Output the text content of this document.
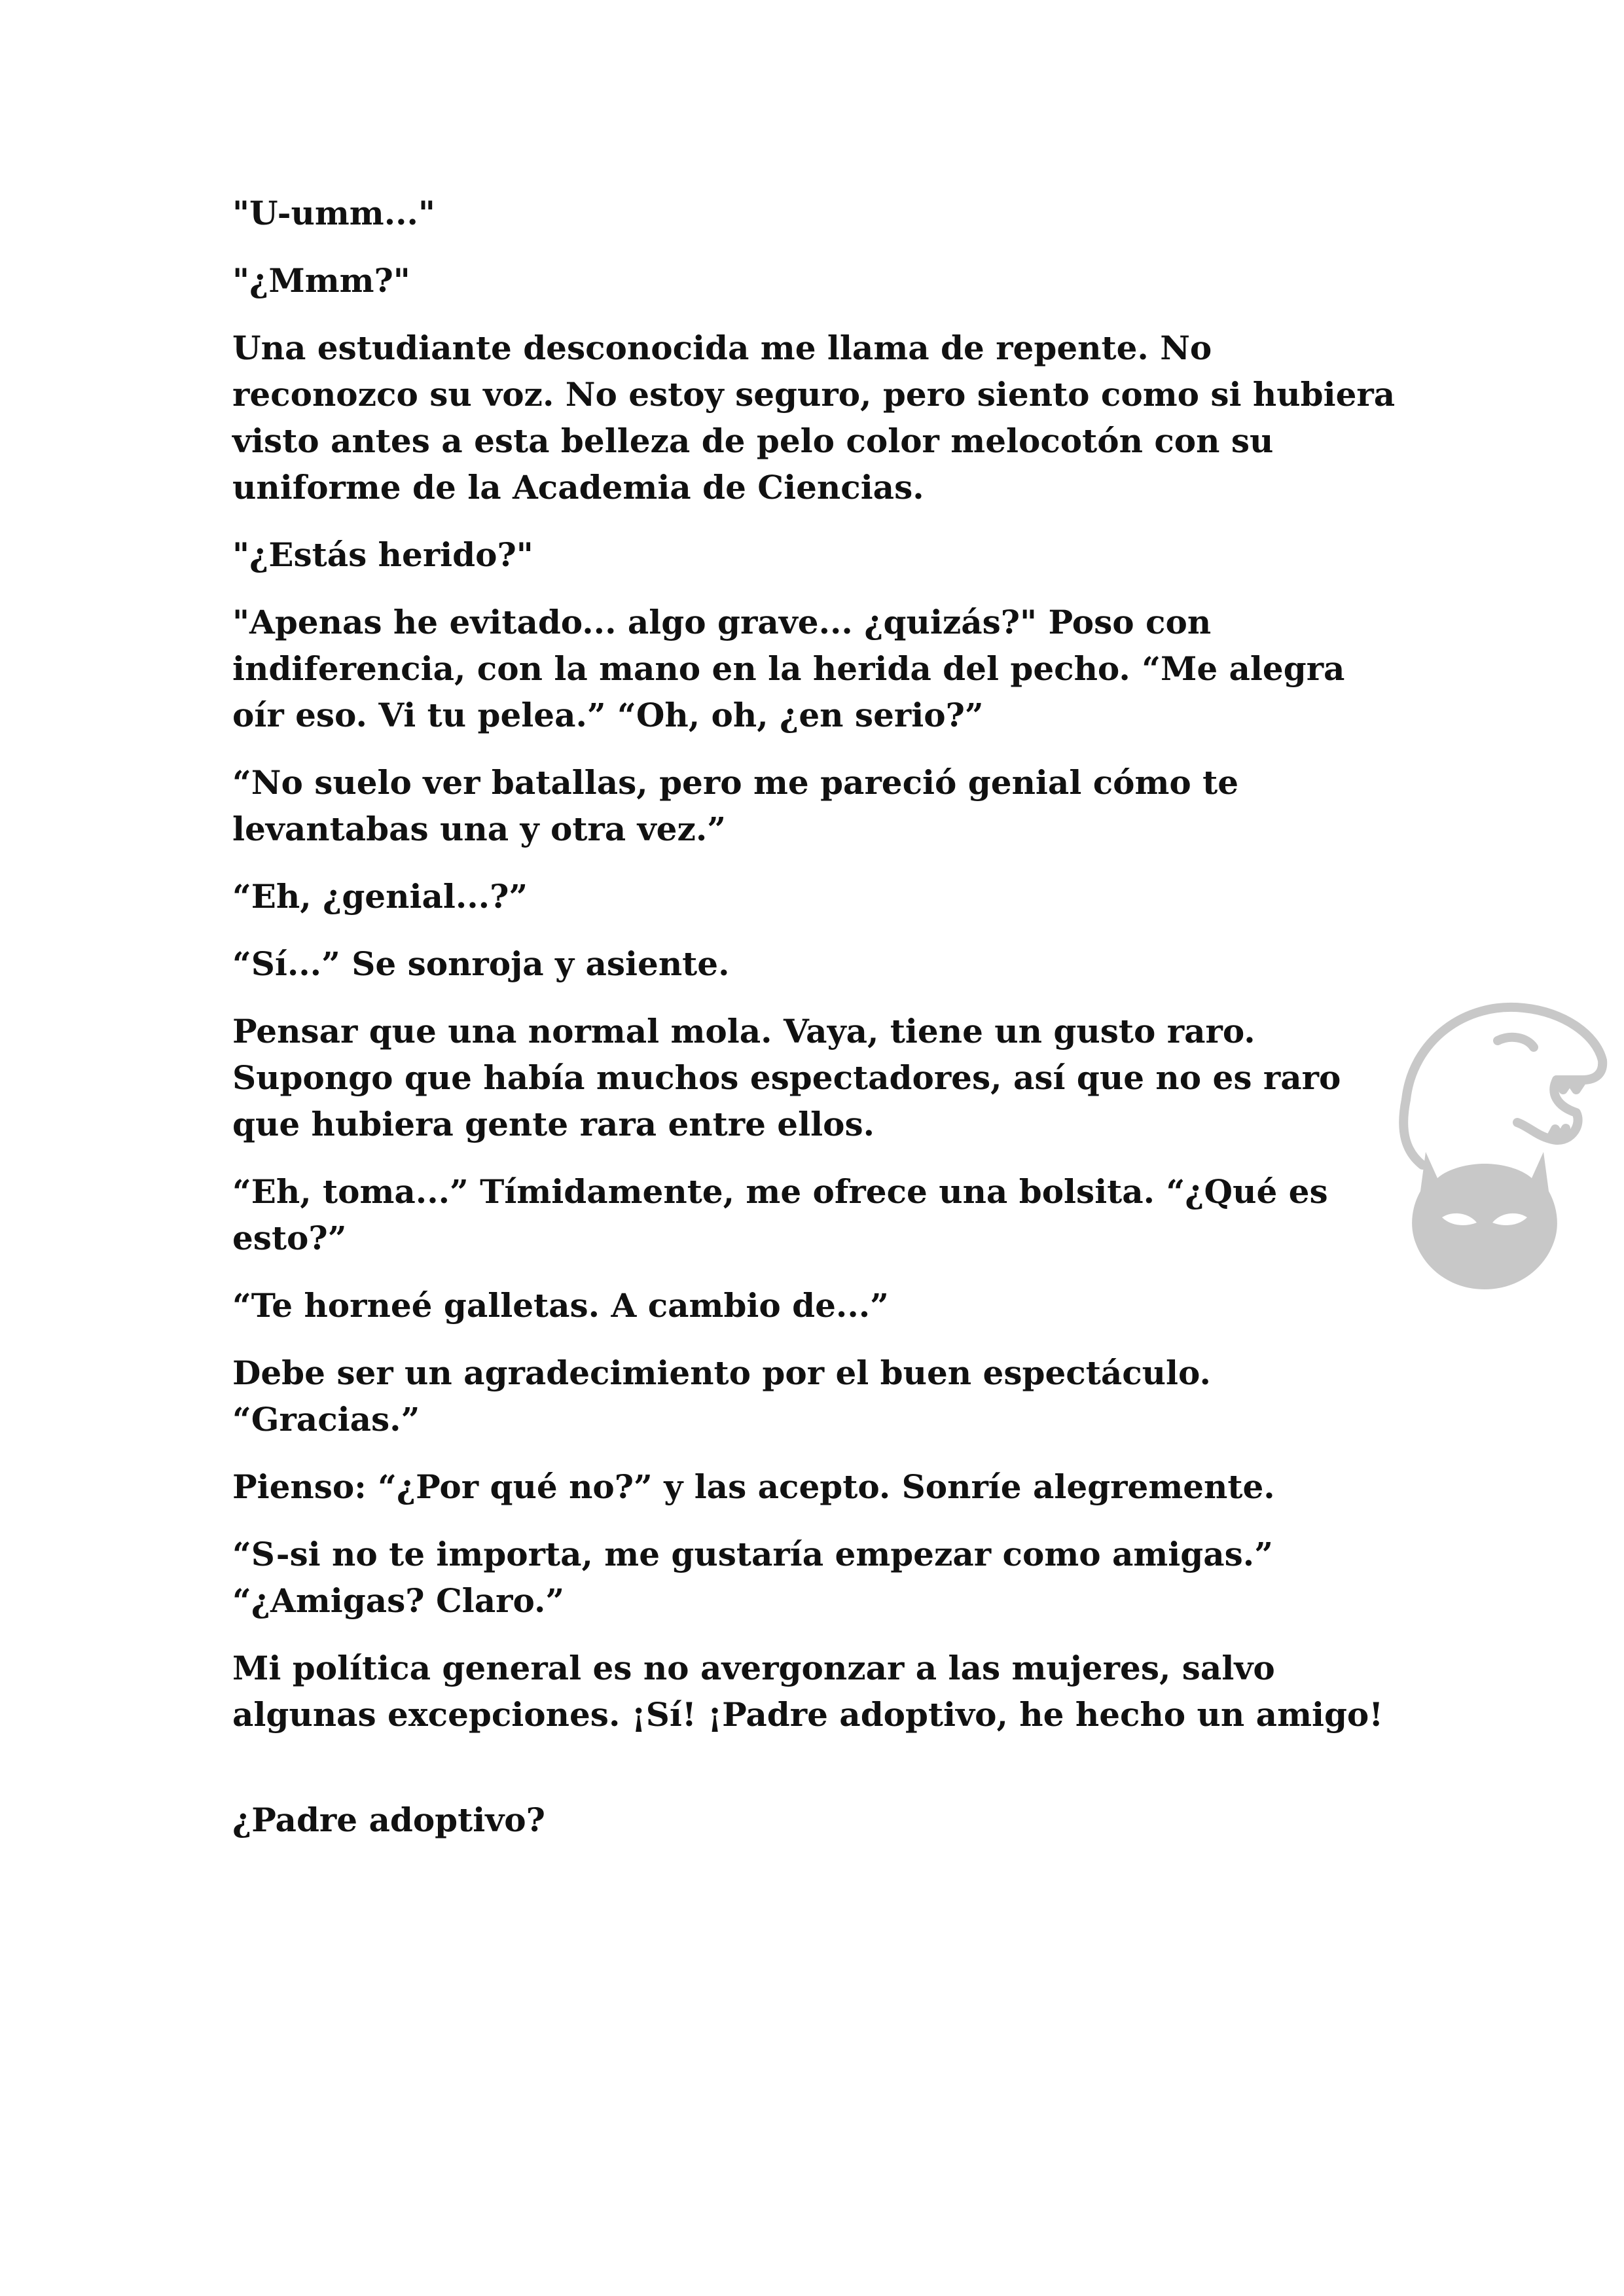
"U-umm..."

"¿Mmm?"

Una estudiante desconocida me llama de repente. No reconozco su voz. No estoy seguro, pero siento como si hubiera visto antes a esta belleza de pelo color melocotón con su uniforme de la Academia de Ciencias.

"¿Estás herido?"

"Apenas he evitado... algo grave... ¿quizás?" Poso con indiferencia, con la mano en la herida del pecho. “Me alegra oír eso. Vi tu pelea.” “Oh, oh, ¿en serio?”

“No suelo ver batallas, pero me pareció genial cómo te levantabas una y otra vez.”

“Eh, ¿genial...?”

“Sí...” Se sonroja y asiente.

Pensar que una normal mola. Vaya, tiene un gusto raro. Supongo que había muchos espectadores, así que no es raro que hubiera gente rara entre ellos.

“Eh, toma...” Tímidamente, me ofrece una bolsita. “¿Qué es esto?”

“Te horneé galletas. A cambio de...”

Debe ser un agradecimiento por el buen espectáculo. “Gracias.”

Pienso: “¿Por qué no?” y las acepto. Sonríe alegremente.

“S-si no te importa, me gustaría empezar como amigas.” “¿Amigas? Claro.”

Mi política general es no avergonzar a las mujeres, salvo algunas excepciones. ¡Sí! ¡Padre adoptivo, he hecho un amigo!

¿Padre adoptivo?
